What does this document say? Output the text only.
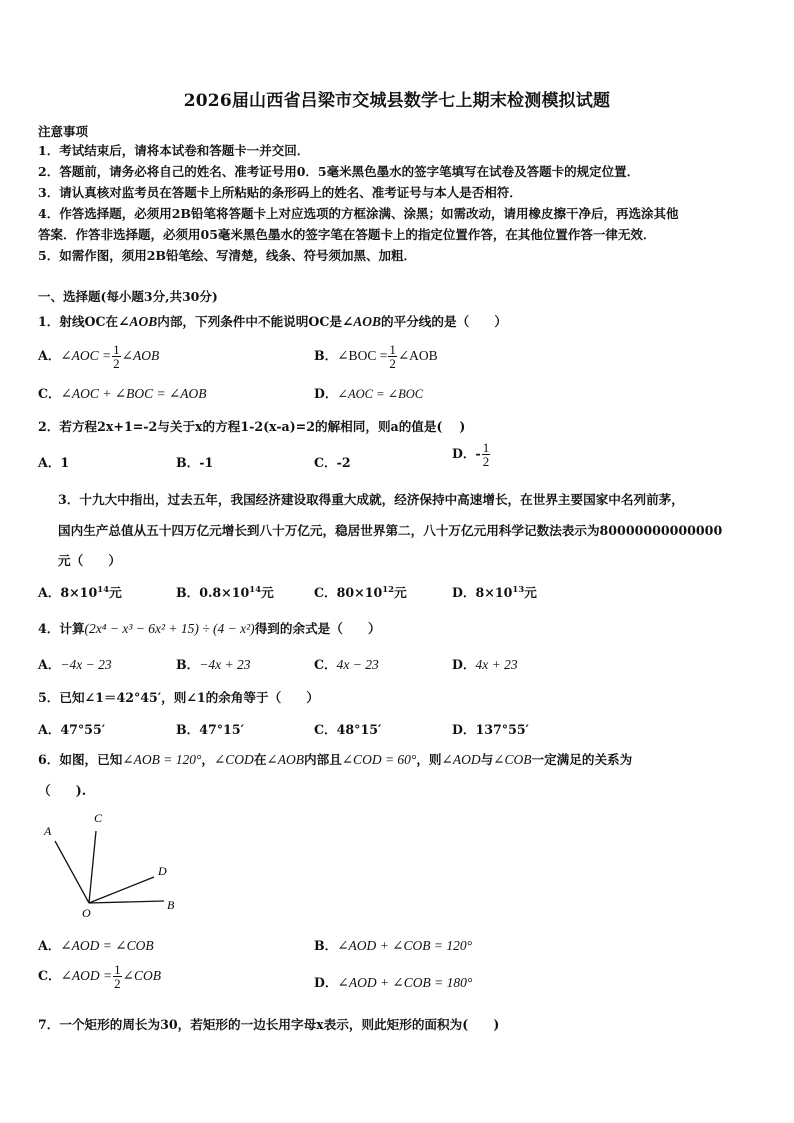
2026届山西省吕梁市交城县数学七上期末检测模拟试题
注意事项
1．考试结束后，请将本试卷和答题卡一并交回．
2．答题前，请务必将自己的姓名、准考证号用0．5毫米黑色墨水的签字笔填写在试卷及答题卡的规定位置．
3．请认真核对监考员在答题卡上所粘贴的条形码上的姓名、准考证号与本人是否相符．
4．作答选择题，必须用2B铅笔将答题卡上对应选项的方框涂满、涂黑；如需改动，请用橡皮擦干净后，再选涂其他
答案．作答非选择题，必须用05毫米黑色墨水的签字笔在答题卡上的指定位置作答，在其他位置作答一律无效．
5．如需作图，须用2B铅笔绘、写清楚，线条、符号须加黑、加粗．
一、选择题(每小题3分,共30分)
1．射线OC在∠AOB内部，下列条件中不能说明OC是∠AOB的平分线的是（　　）
A．∠AOC = $\frac{1}{2}$ ∠AOB	B．∠BOC = $\frac{1}{2}$ ∠AOB
C．∠AOC + ∠BOC = ∠AOB	D．∠AOC = ∠BOC
2．若方程2x+1=-2与关于x的方程1-2(x-a)=2的解相同，则a的值是(　 )
A．1	B．-1	C．-2
D．- $\frac{1}{2}$
3．十九大中指出，过去五年，我国经济建设取得重大成就，经济保持中高速增长，在世界主要国家中名列前茅，
国内生产总值从五十四万亿元增长到八十万亿元，稳居世界第二，八十万亿元用科学记数法表示为80000000000000
元（　　）
A．$8\times 10^{14}$元	B．$0.8\times 10^{14}$元	C．$80\times 10^{12}$元	D．$8\times 10^{13}$元
4．计算(2x⁴ − x³ − 6x² + 15) ÷ (4 − x²)得到的余式是（　　）
A．−4x − 23	B．−4x + 23	C．4x − 23	D．4x + 23
5．已知∠1＝42°45′，则∠1的余角等于（　　）
A．47°55′	B．47°15′	C．48°15′	D．137°55′
6．如图，已知∠AOB = 120°，∠COD在∠AOB内部且∠COD = 60°，则∠AOD与∠COB一定满足的关系为
（　　).
A
C
D
O
B
A．∠AOD = ∠COB	B．∠AOD + ∠COB = 120°
C．∠AOD = $\frac{1}{2}$ ∠COB	D．∠AOD + ∠COB = 180°
7．一个矩形的周长为30，若矩形的一边长用字母x表示，则此矩形的面积为(　　)
